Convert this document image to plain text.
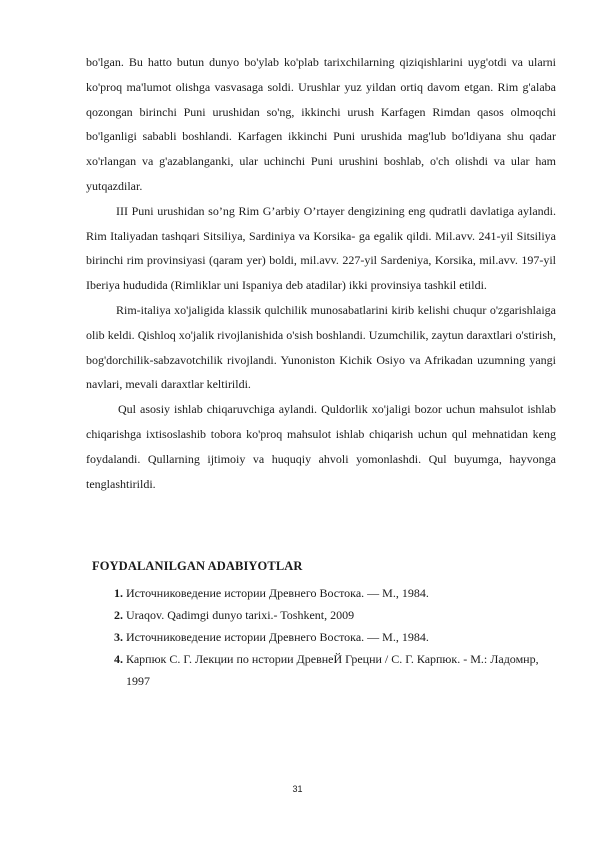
bo'lgan. Bu hatto butun dunyo bo'ylab ko'plab tarixchilarning qiziqishlarini uyg'otdi va ularni ko'proq ma'lumot olishga vasvasaga soldi. Urushlar yuz yildan ortiq davom etgan. Rim g'alaba qozongan birinchi Puni urushidan so'ng, ikkinchi urush Karfagen Rimdan qasos olmoqchi bo'lganligi sababli boshlandi. Karfagen ikkinchi Puni urushida mag'lub bo'ldiyana shu qadar xo'rlangan va g'azablanganki, ular uchinchi Puni urushini boshlab, o'ch olishdi va ular ham yutqazdilar.

III Puni urushidan so’ng Rim G’arbiy O’rtayer dengizining eng qudratli davlatiga aylandi. Rim Italiyadan tashqari Sitsiliya, Sardiniya va Korsika- ga egalik qildi. Mil.avv. 241-yil Sitsiliya birinchi rim provinsiyasi (qaram yer) boldi, mil.avv. 227-yil Sardeniya, Korsika, mil.avv. 197-yil Iberiya hududida (Rimliklar uni Ispaniya deb atadilar) ikki provinsiya tashkil etildi.

Rim-italiya xo'jaligida klassik qulchilik munosabatlarini kirib kelishi chuqur o'zgarishlaiga olib keldi. Qishloq xo'jalik rivojlanishida o'sish boshlandi. Uzumchilik, zaytun daraxtlari o'stirish, bog'dorchilik-sabzavotchilik rivojlandi. Yunoniston Kichik Osiyo va Afrikadan uzumning yangi navlari, mevali daraxtlar keltirildi.

Qul asosiy ishlab chiqaruvchiga aylandi. Quldorlik xo'jaligi bozor uchun mahsulot ishlab chiqarishga ixtisoslashib tobora ko'proq mahsulot ishlab chiqarish uchun qul mehnatidan keng foydalandi. Qullarning ijtimoiy va huquqiy ahvoli yomonlashdi. Qul buyumga, hayvonga tenglashtirildi.

FOYDALANILGAN ADABIYOTLAR
1. Источниковедение истории Древнего Востока. — М., 1984.
2. Uraqov. Qadimgi dunyo tarixi.- Toshkent, 2009
3. Источниковедение истории Древнего Востока. — М., 1984.
4. Карпюк С. Г. Лекции по нстории ДревнеЙ Грецни / С. Г. Карпюк. - М.: Ладомнр, 1997
31
